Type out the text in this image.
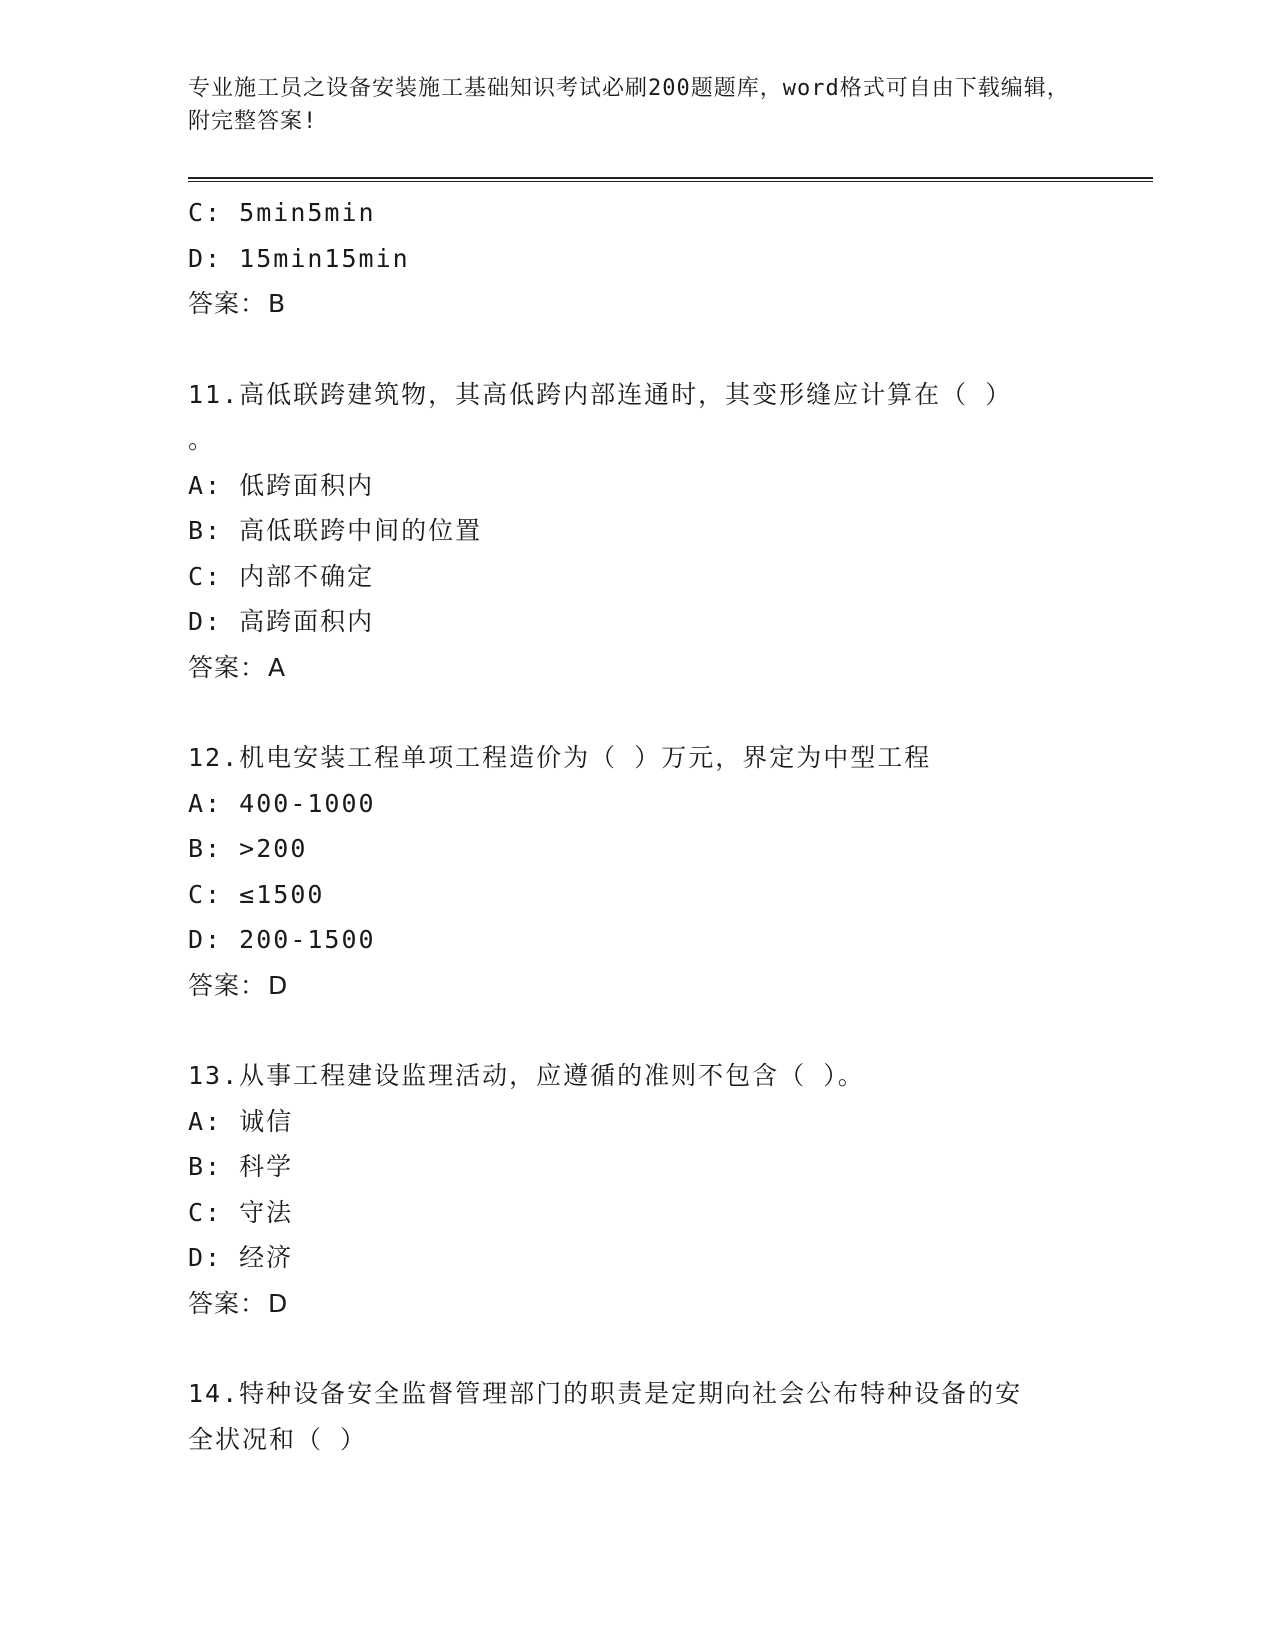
专业施工员之设备安装施工基础知识考试必刷200题题库，word格式可自由下载编辑，附完整答案!
C: 5min5min
D: 15min15min
答案：B
11.高低联跨建筑物，其高低跨内部连通时，其变形缝应计算在（ ）
。
A: 低跨面积内
B: 高低联跨中间的位置
C: 内部不确定
D: 高跨面积内
答案：A
12.机电安装工程单项工程造价为（ ）万元，界定为中型工程
A: 400-1000
B: >200
C: ≤1500
D: 200-1500
答案：D
13.从事工程建设监理活动，应遵循的准则不包含（ ）。
A: 诚信
B: 科学
C: 守法
D: 经济
答案：D
14.特种设备安全监督管理部门的职责是定期向社会公布特种设备的安
全状况和（ ）
